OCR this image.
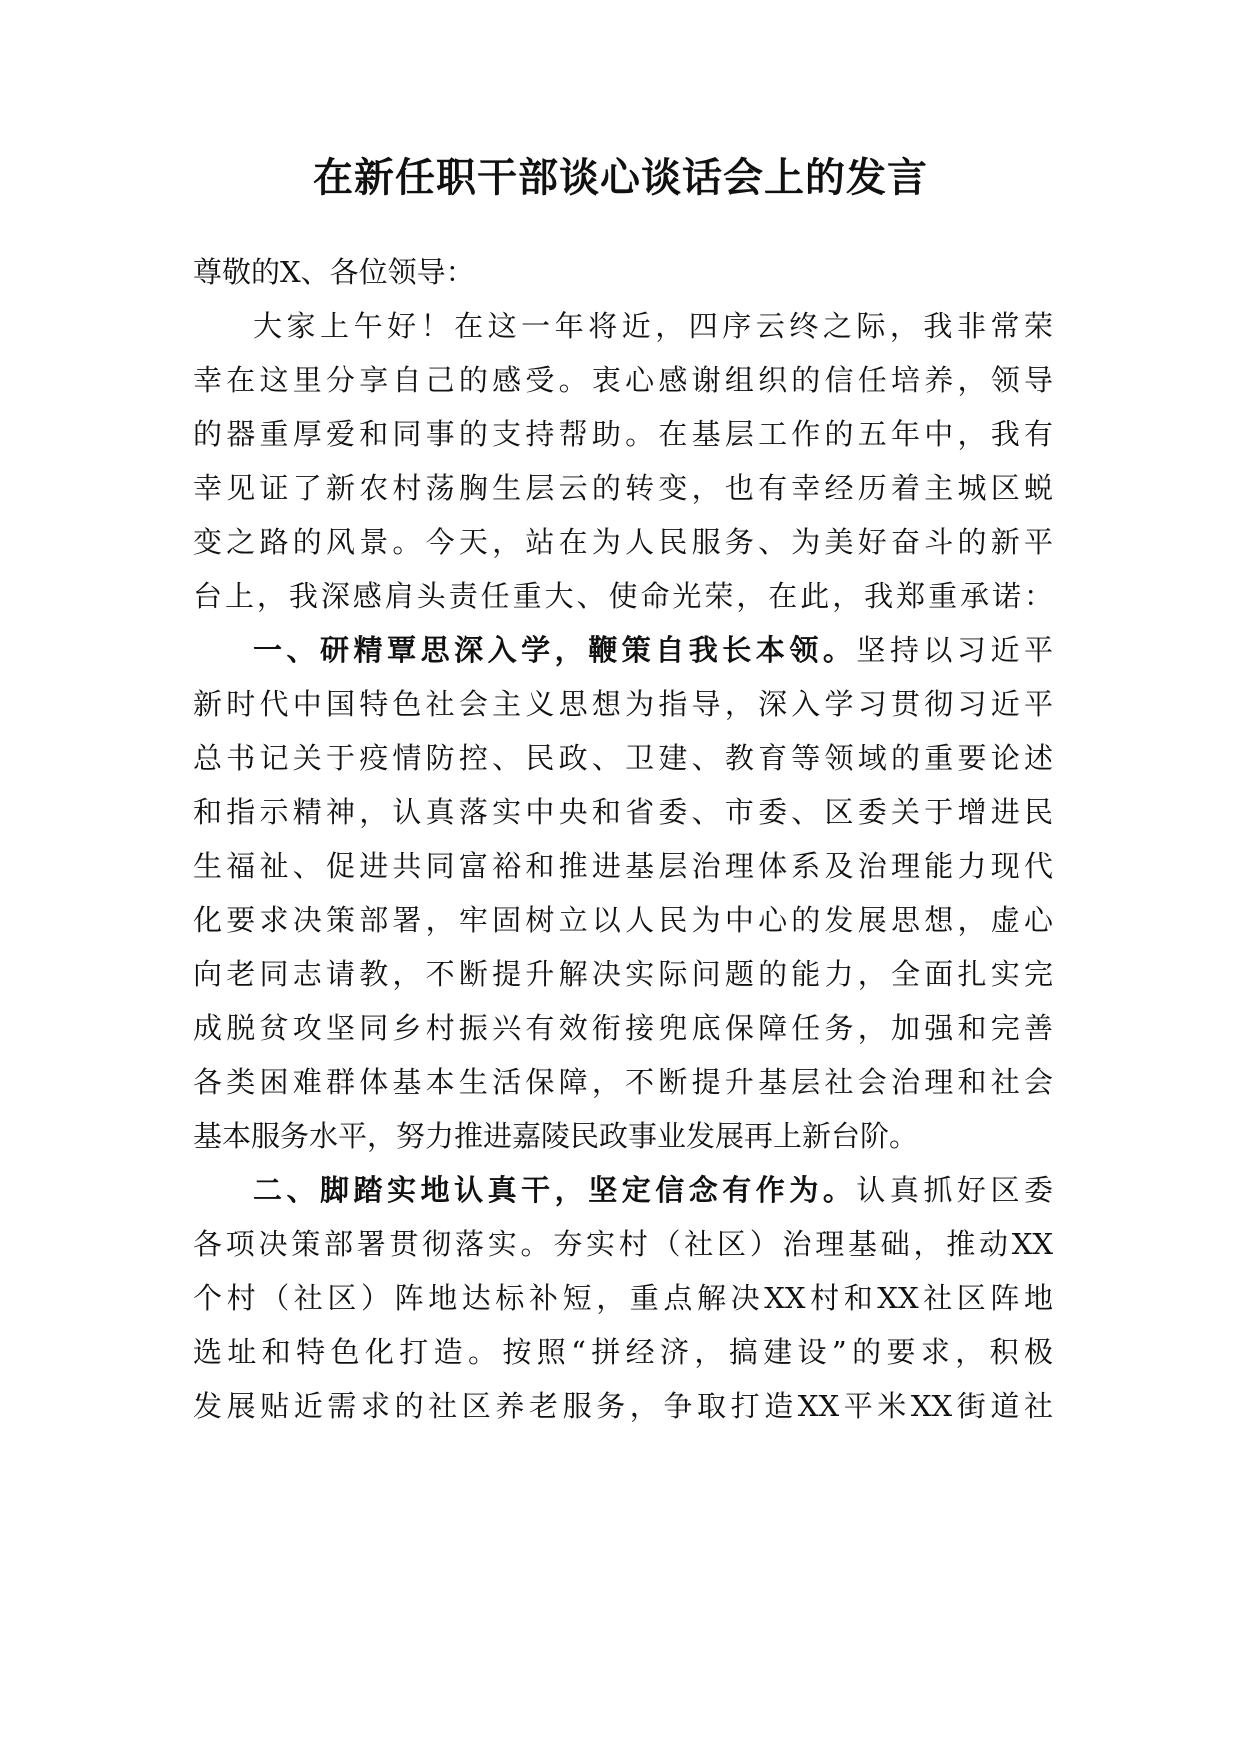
在新任职干部谈心谈话会上的发言
尊敬的X、各位领导：
大家上午好！在这一年将近，四序云终之际，我非常荣
幸在这里分享自己的感受。衷心感谢组织的信任培养，领导
的器重厚爱和同事的支持帮助。在基层工作的五年中，我有
幸见证了新农村荡胸生层云的转变，也有幸经历着主城区蜕
变之路的风景。今天，站在为人民服务、为美好奋斗的新平
台上，我深感肩头责任重大、使命光荣，在此，我郑重承诺：
一、研精覃思深入学，鞭策自我长本领。坚持以习近平
新时代中国特色社会主义思想为指导，深入学习贯彻习近平
总书记关于疫情防控、民政、卫建、教育等领域的重要论述
和指示精神，认真落实中央和省委、市委、区委关于增进民
生福祉、促进共同富裕和推进基层治理体系及治理能力现代
化要求决策部署，牢固树立以人民为中心的发展思想，虚心
向老同志请教，不断提升解决实际问题的能力，全面扎实完
成脱贫攻坚同乡村振兴有效衔接兜底保障任务，加强和完善
各类困难群体基本生活保障，不断提升基层社会治理和社会
基本服务水平，努力推进嘉陵民政事业发展再上新台阶。
二、脚踏实地认真干，坚定信念有作为。认真抓好区委
各项决策部署贯彻落实。夯实村（社区）治理基础，推动XX
个村（社区）阵地达标补短，重点解决XX村和XX社区阵地
选址和特色化打造。按照“拼经济，搞建设”的要求，积极
发展贴近需求的社区养老服务，争取打造XX平米XX街道社
